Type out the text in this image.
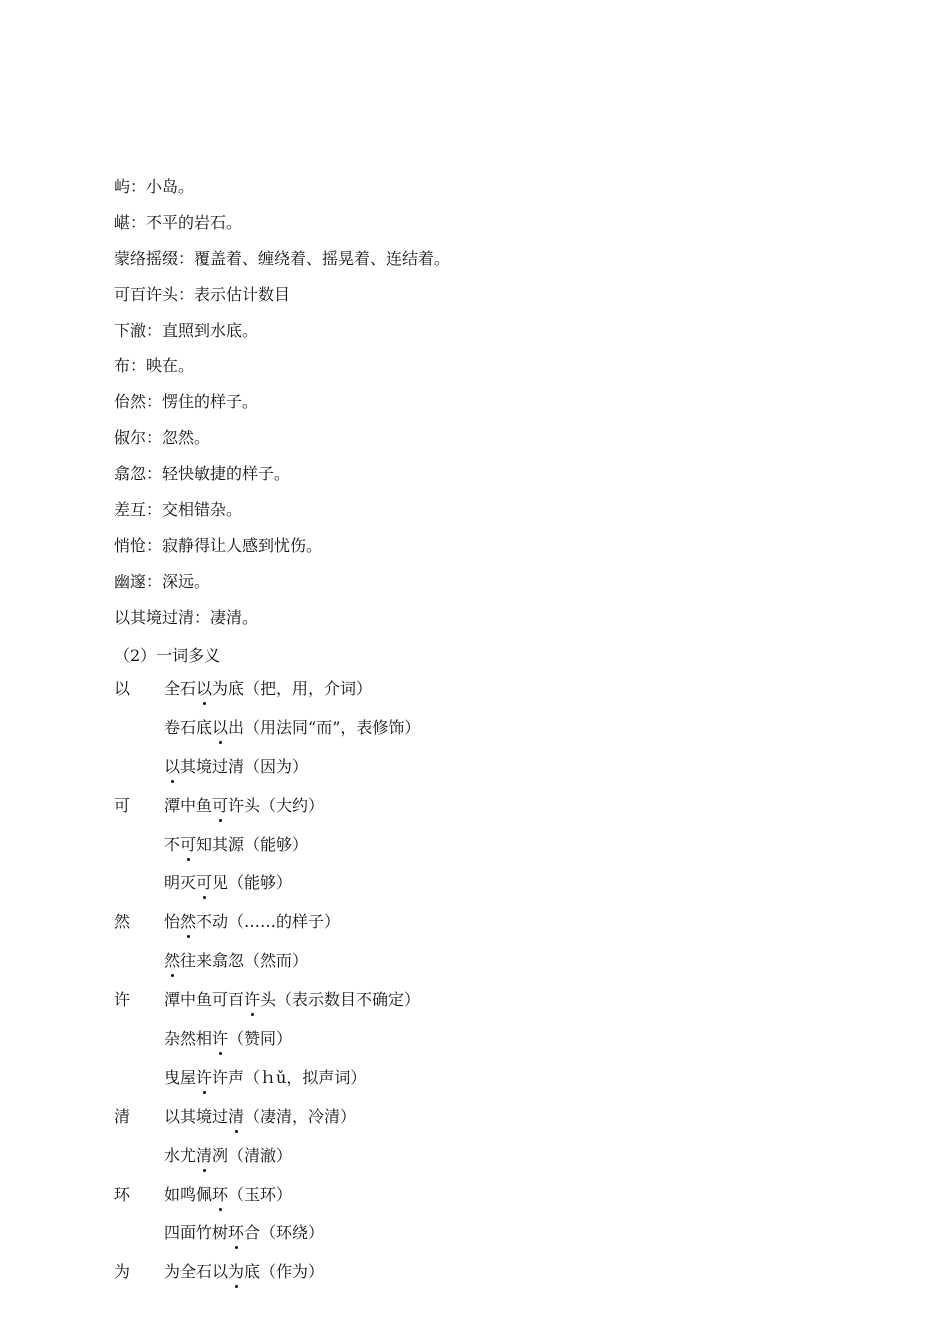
屿：小岛。
嵁：不平的岩石。
蒙络摇缀：覆盖着、缠绕着、摇晃着、连结着。
可百许头：表示估计数目
下澈：直照到水底。
布：映在。
佁然：愣住的样子。
俶尔：忽然。
翕忽：轻快敏捷的样子。
差互：交相错杂。
悄怆：寂静得让人感到忧伤。
幽邃：深远。
以其境过清：凄清。
（2）一词多义
以 全石以为底（把，用，介词）
卷石底以出（用法同“而”，表修饰）
以其境过清（因为）
可 潭中鱼可许头（大约）
不可知其源（能够）
明灭可见（能够）
然 怡然不动（……的样子）
然往来翕忽（然而）
许 潭中鱼可百许头（表示数目不确定）
杂然相许（赞同）
曳屋许许声（ｈǔ，拟声词）
清 以其境过清（凄清，冷清）
水尤清冽（清澈）
环 如鸣佩环（玉环）
四面竹树环合（环绕）
为 为全石以为底（作为）
